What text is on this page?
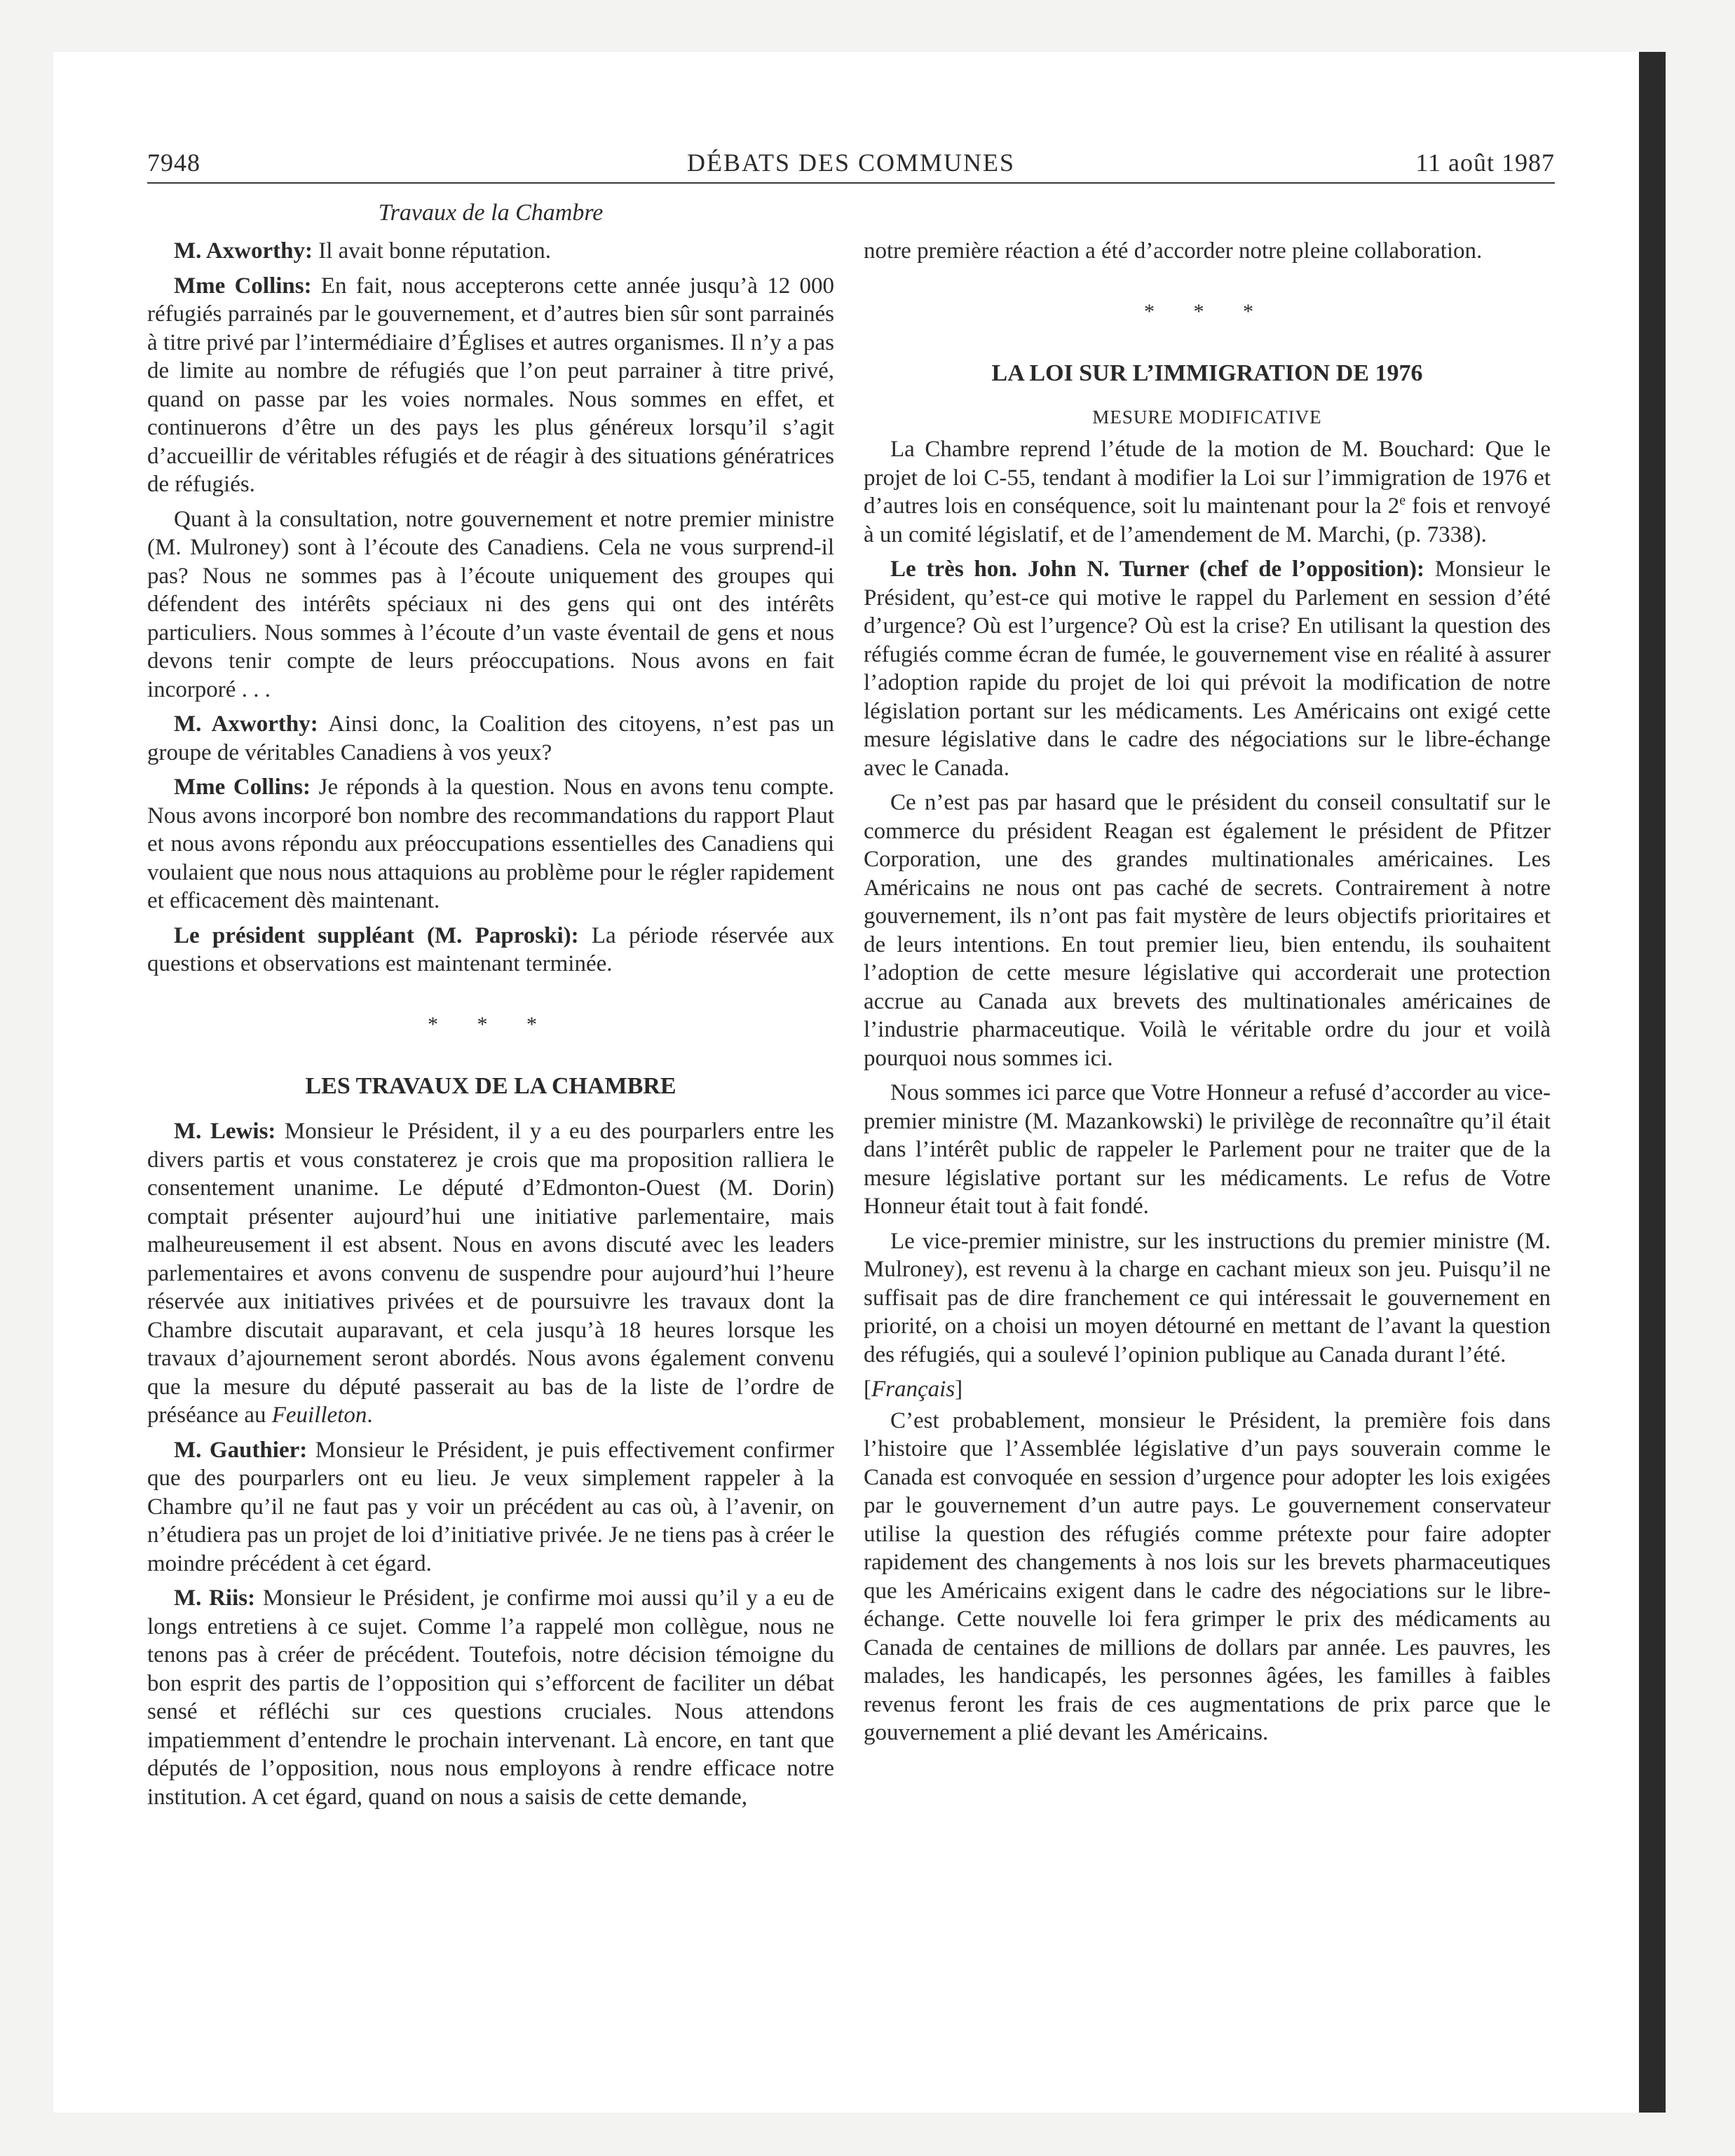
7948	DÉBATS DES COMMUNES	11 août 1987
Travaux de la Chambre

M. Axworthy: Il avait bonne réputation.

Mme Collins: En fait, nous accepterons cette année jusqu’à 12 000 réfugiés parrainés par le gouvernement, et d’autres bien sûr sont parrainés à titre privé par l’intermédiaire d’Églises et autres organismes. Il n’y a pas de limite au nombre de réfugiés que l’on peut parrainer à titre privé, quand on passe par les voies normales. Nous sommes en effet, et continuerons d’être un des pays les plus généreux lorsqu’il s’agit d’accueillir de véritables réfugiés et de réagir à des situations génératrices de réfugiés.

Quant à la consultation, notre gouvernement et notre premier ministre (M. Mulroney) sont à l’écoute des Canadiens. Cela ne vous surprend-il pas? Nous ne sommes pas à l’écoute uniquement des groupes qui défendent des intérêts spéciaux ni des gens qui ont des intérêts particuliers. Nous sommes à l’écoute d’un vaste éventail de gens et nous devons tenir compte de leurs préoccupations. Nous avons en fait incorporé . . .

M. Axworthy: Ainsi donc, la Coalition des citoyens, n’est pas un groupe de véritables Canadiens à vos yeux?

Mme Collins: Je réponds à la question. Nous en avons tenu compte. Nous avons incorporé bon nombre des recommandations du rapport Plaut et nous avons répondu aux préoccupations essentielles des Canadiens qui voulaient que nous nous attaquions au problème pour le régler rapidement et efficacement dès maintenant.

Le président suppléant (M. Paproski): La période réservée aux questions et observations est maintenant terminée.

* * *
LES TRAVAUX DE LA CHAMBRE

M. Lewis: Monsieur le Président, il y a eu des pourparlers entre les divers partis et vous constaterez je crois que ma proposition ralliera le consentement unanime. Le député d’Edmonton-Ouest (M. Dorin) comptait présenter aujourd’hui une initiative parlementaire, mais malheureusement il est absent. Nous en avons discuté avec les leaders parlementaires et avons convenu de suspendre pour aujourd’hui l’heure réservée aux initiatives privées et de poursuivre les travaux dont la Chambre discutait auparavant, et cela jusqu’à 18 heures lorsque les travaux d’ajournement seront abordés. Nous avons également convenu que la mesure du député passerait au bas de la liste de l’ordre de préséance au Feuilleton.

M. Gauthier: Monsieur le Président, je puis effectivement confirmer que des pourparlers ont eu lieu. Je veux simplement rappeler à la Chambre qu’il ne faut pas y voir un précédent au cas où, à l’avenir, on n’étudiera pas un projet de loi d’initiative privée. Je ne tiens pas à créer le moindre précédent à cet égard.

M. Riis: Monsieur le Président, je confirme moi aussi qu’il y a eu de longs entretiens à ce sujet. Comme l’a rappelé mon collègue, nous ne tenons pas à créer de précédent. Toutefois, notre décision témoigne du bon esprit des partis de l’opposition qui s’efforcent de faciliter un débat sensé et réfléchi sur ces questions cruciales. Nous attendons impatiemment d’entendre le prochain intervenant. Là encore, en tant que députés de l’opposition, nous nous employons à rendre efficace notre institution. A cet égard, quand on nous a saisis de cette demande,

notre première réaction a été d’accorder notre pleine collaboration.

* * *
LA LOI SUR L’IMMIGRATION DE 1976
MESURE MODIFICATIVE

La Chambre reprend l’étude de la motion de M. Bouchard: Que le projet de loi C-55, tendant à modifier la Loi sur l’immigration de 1976 et d’autres lois en conséquence, soit lu maintenant pour la 2e fois et renvoyé à un comité législatif, et de l’amendement de M. Marchi, (p. 7338).

Le très hon. John N. Turner (chef de l’opposition): Monsieur le Président, qu’est-ce qui motive le rappel du Parlement en session d’été d’urgence? Où est l’urgence? Où est la crise? En utilisant la question des réfugiés comme écran de fumée, le gouvernement vise en réalité à assurer l’adoption rapide du projet de loi qui prévoit la modification de notre législation portant sur les médicaments. Les Américains ont exigé cette mesure législative dans le cadre des négociations sur le libre-échange avec le Canada.

Ce n’est pas par hasard que le président du conseil consultatif sur le commerce du président Reagan est également le président de Pfitzer Corporation, une des grandes multinationales américaines. Les Américains ne nous ont pas caché de secrets. Contrairement à notre gouvernement, ils n’ont pas fait mystère de leurs objectifs prioritaires et de leurs intentions. En tout premier lieu, bien entendu, ils souhaitent l’adoption de cette mesure législative qui accorderait une protection accrue au Canada aux brevets des multinationales américaines de l’industrie pharmaceutique. Voilà le véritable ordre du jour et voilà pourquoi nous sommes ici.

Nous sommes ici parce que Votre Honneur a refusé d’accorder au vice-premier ministre (M. Mazankowski) le privilège de reconnaître qu’il était dans l’intérêt public de rappeler le Parlement pour ne traiter que de la mesure législative portant sur les médicaments. Le refus de Votre Honneur était tout à fait fondé.

Le vice-premier ministre, sur les instructions du premier ministre (M. Mulroney), est revenu à la charge en cachant mieux son jeu. Puisqu’il ne suffisait pas de dire franchement ce qui intéressait le gouvernement en priorité, on a choisi un moyen détourné en mettant de l’avant la question des réfugiés, qui a soulevé l’opinion publique au Canada durant l’été.

[ Français ]

C’est probablement, monsieur le Président, la première fois dans l’histoire que l’Assemblée législative d’un pays souverain comme le Canada est convoquée en session d’urgence pour adopter les lois exigées par le gouvernement d’un autre pays. Le gouvernement conservateur utilise la question des réfugiés comme prétexte pour faire adopter rapidement des changements à nos lois sur les brevets pharmaceutiques que les Américains exigent dans le cadre des négociations sur le libre-échange. Cette nouvelle loi fera grimper le prix des médicaments au Canada de centaines de millions de dollars par année. Les pauvres, les malades, les handicapés, les personnes âgées, les familles à faibles revenus feront les frais de ces augmentations de prix parce que le gouvernement a plié devant les Américains.
